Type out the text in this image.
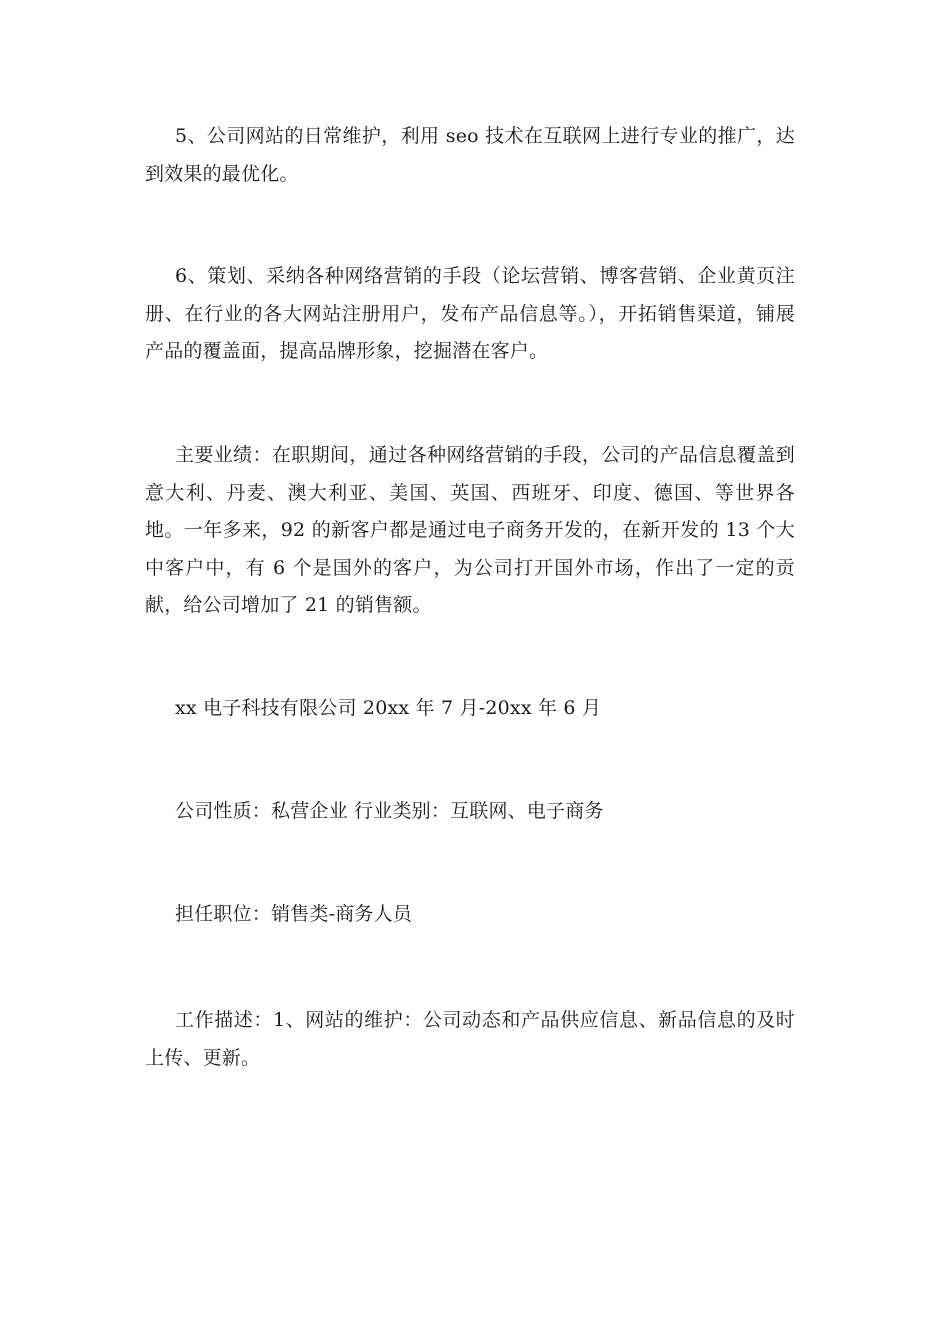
5、公司网站的日常维护，利用 seo 技术在互联网上进行专业的推广，达到效果的最优化。

6、策划、采纳各种网络营销的手段（论坛营销、博客营销、企业黄页注册、在行业的各大网站注册用户，发布产品信息等。），开拓销售渠道，铺展产品的覆盖面，提高品牌形象，挖掘潜在客户。

主要业绩：在职期间，通过各种网络营销的手段，公司的产品信息覆盖到意大利、丹麦、澳大利亚、美国、英国、西班牙、印度、德国、等世界各地。一年多来，92 的新客户都是通过电子商务开发的，在新开发的 13 个大中客户中，有 6 个是国外的客户，为公司打开国外市场，作出了一定的贡献，给公司增加了 21 的销售额。

xx 电子科技有限公司 20xx 年 7 月-20xx 年 6 月

公司性质：私营企业 行业类别：互联网、电子商务

担任职位：销售类-商务人员

工作描述：1、网站的维护：公司动态和产品供应信息、新品信息的及时上传、更新。
